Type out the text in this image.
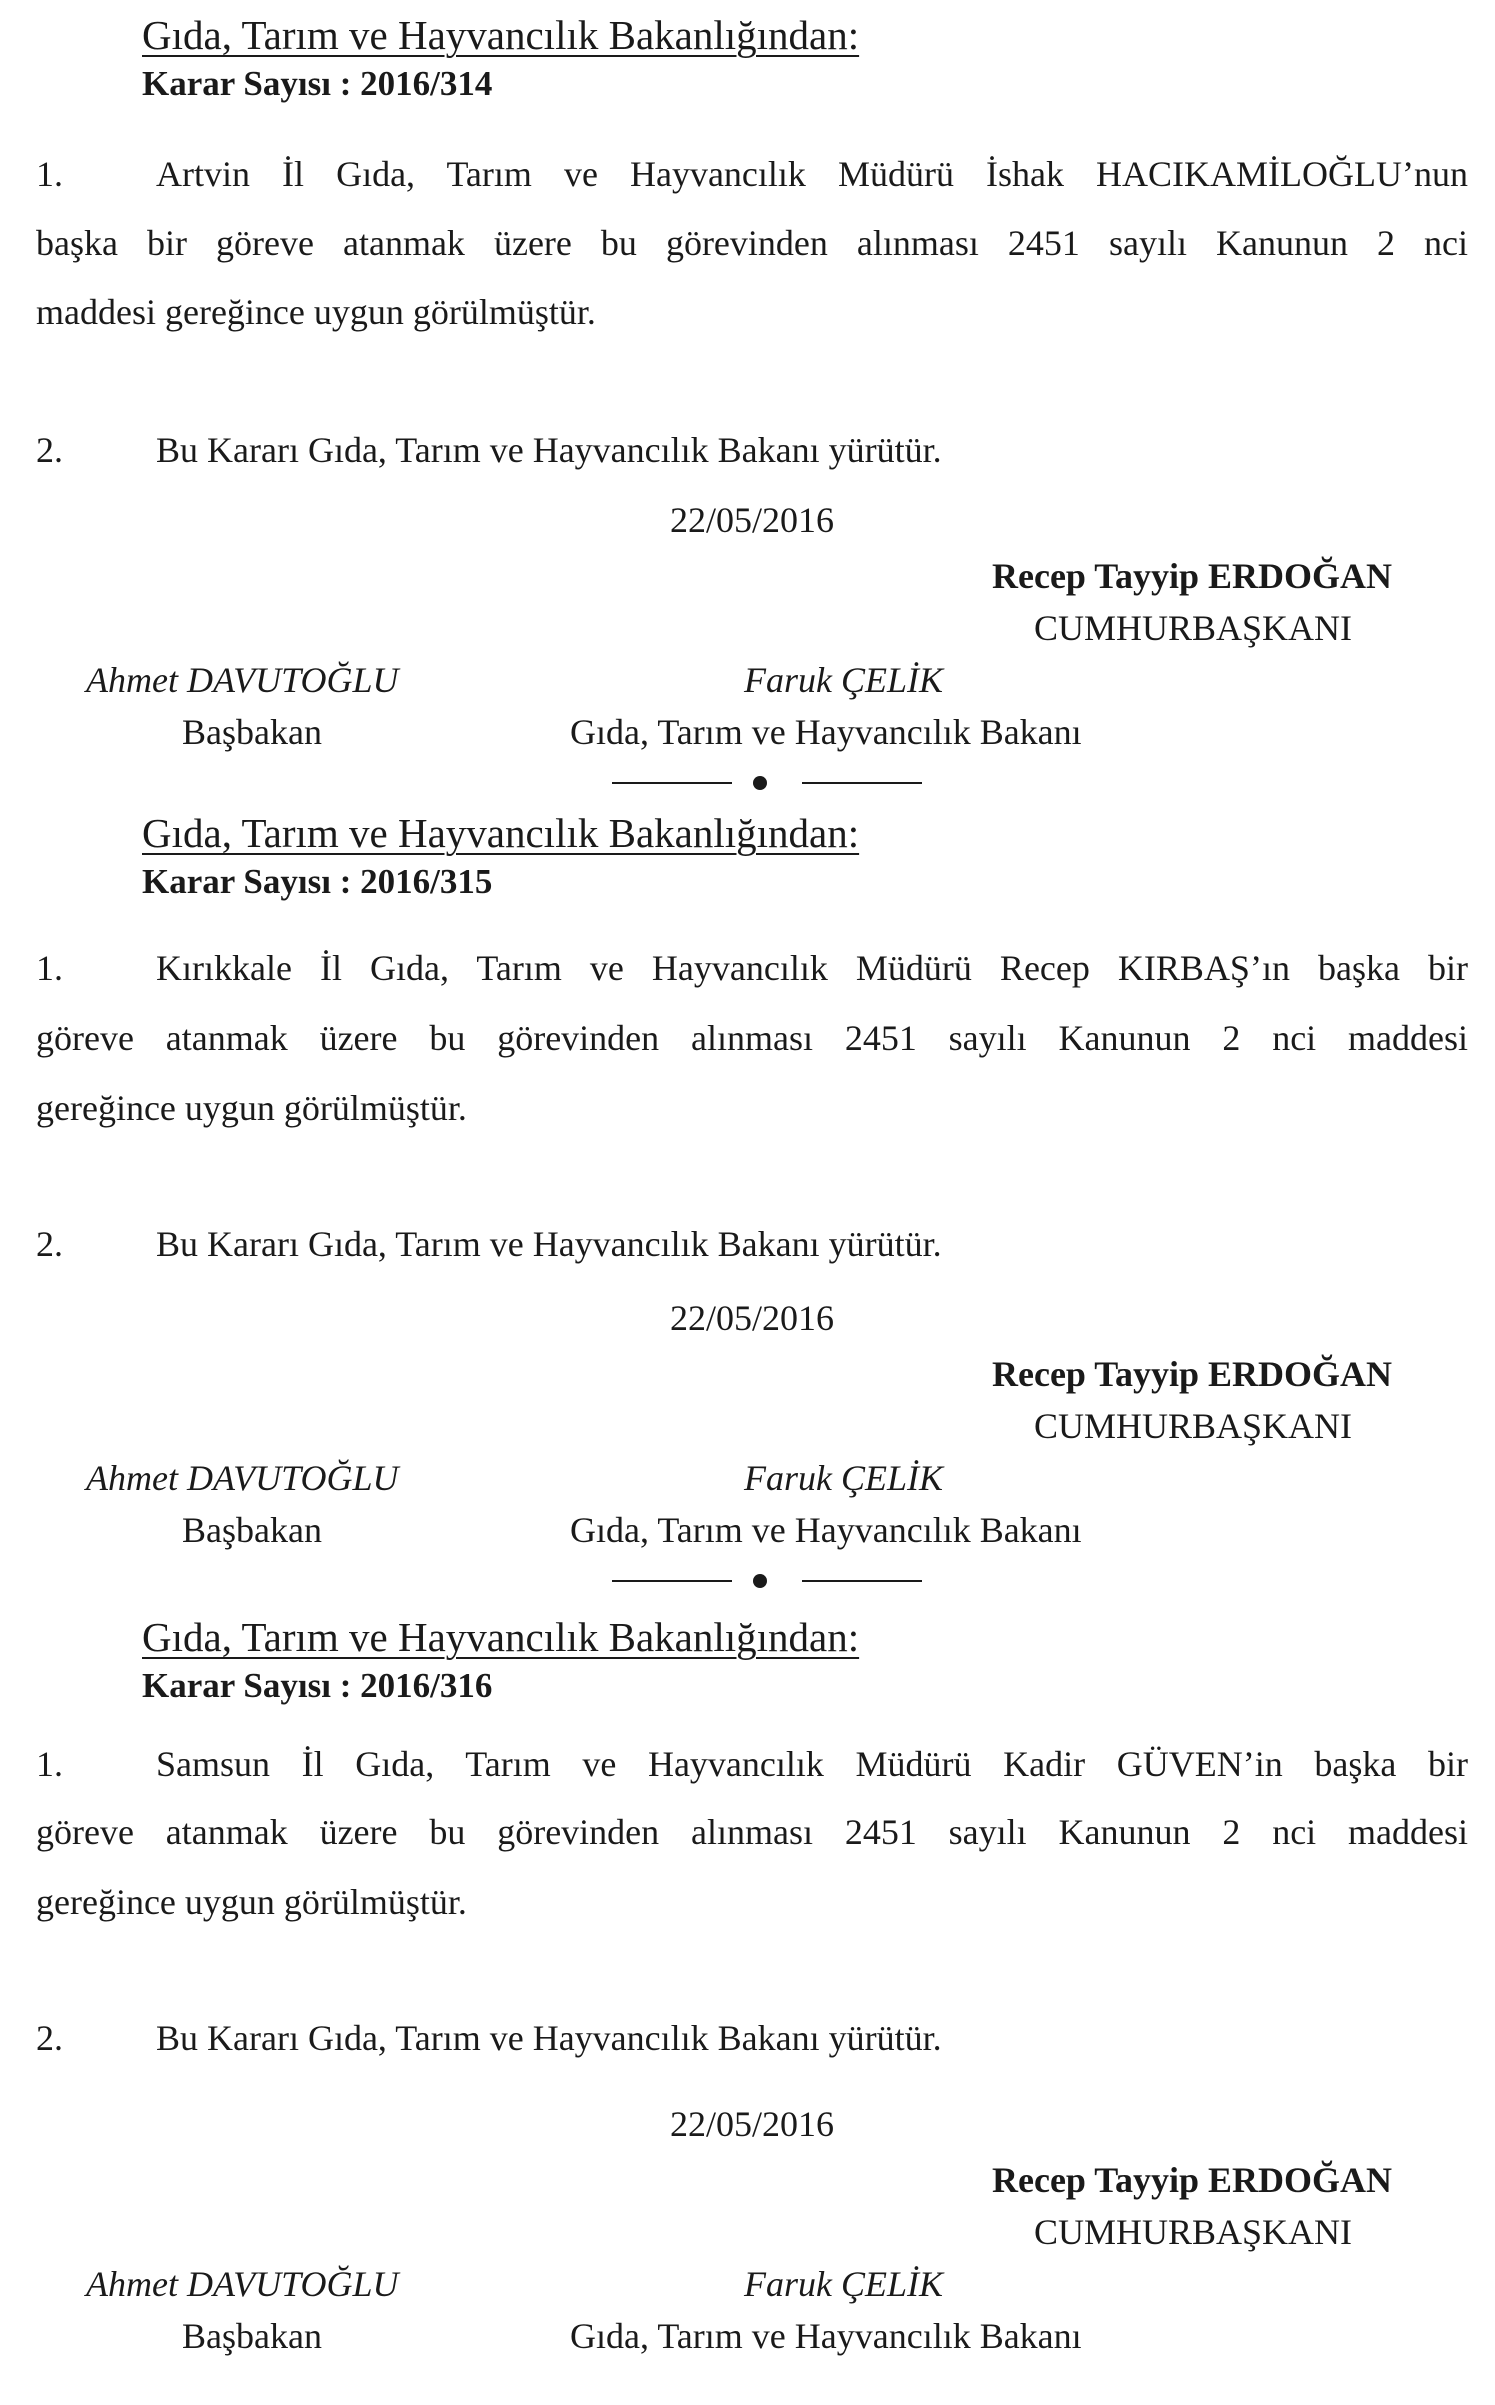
Gıda, Tarım ve Hayvancılık Bakanlığından:
Karar Sayısı : 2016/314
1.	Artvin İl Gıda, Tarım ve Hayvancılık Müdürü İshak HACIKAMİLOĞLU’nun
başka bir göreve atanmak üzere bu görevinden alınması 2451 sayılı Kanunun 2 nci
maddesi gereğince uygun görülmüştür.
2.	Bu Kararı Gıda, Tarım ve Hayvancılık Bakanı yürütür.
22/05/2016
Recep Tayyip ERDOĞAN
CUMHURBAŞKANI
Ahmet DAVUTOĞLU	Faruk ÇELİK
Başbakan	Gıda, Tarım ve Hayvancılık Bakanı
Gıda, Tarım ve Hayvancılık Bakanlığından:
Karar Sayısı : 2016/315
1.	Kırıkkale İl Gıda, Tarım ve Hayvancılık Müdürü Recep KIRBAŞ’ın başka bir
göreve atanmak üzere bu görevinden alınması 2451 sayılı Kanunun 2 nci maddesi
gereğince uygun görülmüştür.
2.	Bu Kararı Gıda, Tarım ve Hayvancılık Bakanı yürütür.
22/05/2016
Recep Tayyip ERDOĞAN
CUMHURBAŞKANI
Ahmet DAVUTOĞLU	Faruk ÇELİK
Başbakan	Gıda, Tarım ve Hayvancılık Bakanı
Gıda, Tarım ve Hayvancılık Bakanlığından:
Karar Sayısı : 2016/316
1.	Samsun İl Gıda, Tarım ve Hayvancılık Müdürü Kadir GÜVEN’in başka bir
göreve atanmak üzere bu görevinden alınması 2451 sayılı Kanunun 2 nci maddesi
gereğince uygun görülmüştür.
2.	Bu Kararı Gıda, Tarım ve Hayvancılık Bakanı yürütür.
22/05/2016
Recep Tayyip ERDOĞAN
CUMHURBAŞKANI
Ahmet DAVUTOĞLU	Faruk ÇELİK
Başbakan	Gıda, Tarım ve Hayvancılık Bakanı
